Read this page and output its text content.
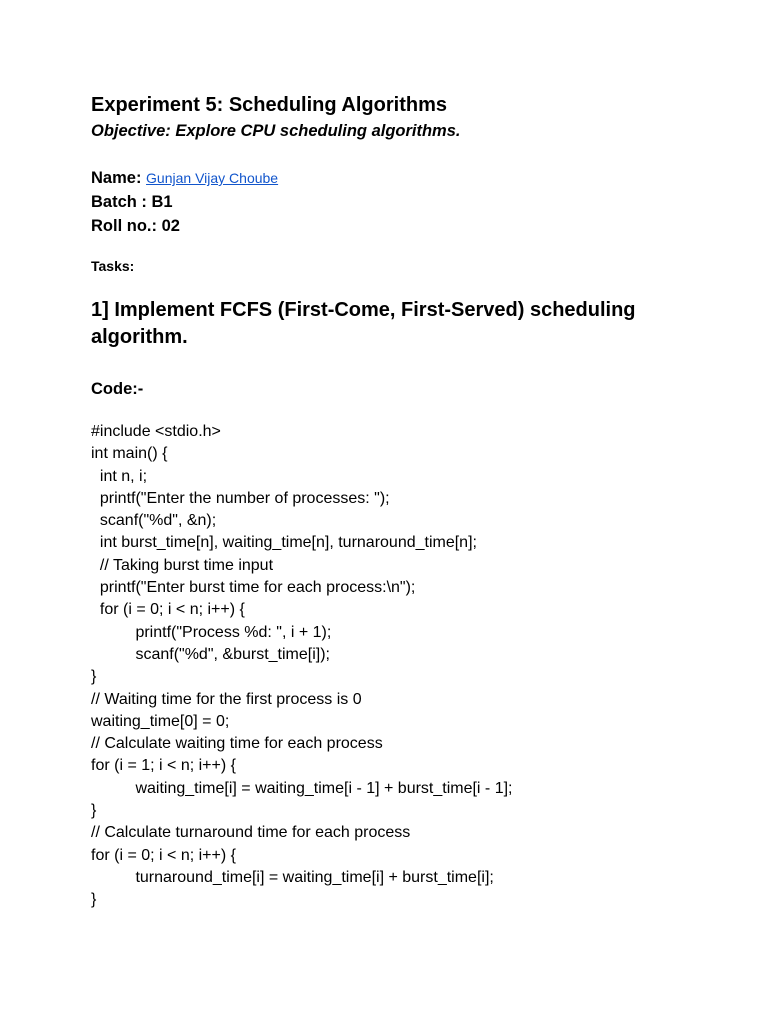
Experiment 5: Scheduling Algorithms

Objective: Explore CPU scheduling algorithms.

Name: Gunjan Vijay Choube

Batch : B1

Roll no.: 02

Tasks:

1] Implement FCFS (First-Come, First-Served) scheduling algorithm.

Code:-

#include <stdio.h>
int main() {
int n, i;
printf("Enter the number of processes: ");
scanf("%d", &n);
int burst_time[n], waiting_time[n], turnaround_time[n];
// Taking burst time input
printf("Enter burst time for each process:\n");
for (i = 0; i < n; i++) {
printf("Process %d: ", i + 1);
scanf("%d", &burst_time[i]);
}
// Waiting time for the first process is 0
waiting_time[0] = 0;
// Calculate waiting time for each process
for (i = 1; i < n; i++) {
waiting_time[i] = waiting_time[i - 1] + burst_time[i - 1];
}
// Calculate turnaround time for each process
for (i = 0; i < n; i++) {
turnaround_time[i] = waiting_time[i] + burst_time[i];
}
